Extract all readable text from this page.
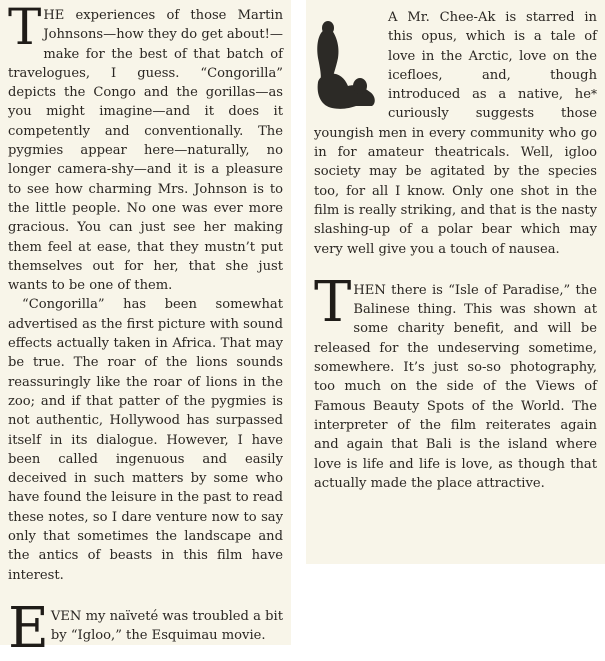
THE experiences of those Martin Johnsons—how they do get about!—make for the best of that batch of travelogues, I guess. “Congorilla” depicts the Congo and the gorillas—as you might imagine—and it does it competently and conventionally. The pygmies appear here—naturally, no longer camera-shy—and it is a pleasure to see how charming Mrs. Johnson is to the little people. No one was ever more gracious. You can just see her making them feel at ease, that they mustn’t put themselves out for her, that she just wants to be one of them.

“Congorilla” has been somewhat advertised as the first picture with sound effects actually taken in Africa. That may be true. The roar of the lions sounds reassuringly like the roar of lions in the zoo; and if that patter of the pygmies is not authentic, Hollywood has surpassed itself in its dialogue. However, I have been called ingenuous and easily deceived in such matters by some who have found the leisure in the past to read these notes, so I dare venture now to say only that sometimes the landscape and the antics of beasts in this film have interest.

EVEN my naïveté was troubled a bit by “Igloo,” the Esquimau movie.

A Mr. Chee-Ak is starred in this opus, which is a tale of love in the Arctic, love on the icefloes, and, though introduced as a native, he* curiously suggests those youngish men in every community who go in for amateur theatricals. Well, igloo society may be agitated by the species too, for all I know. Only one shot in the film is really striking, and that is the nasty slashing-up of a polar bear which may very well give you a touch of nausea.

THEN there is “Isle of Paradise,” the Balinese thing. This was shown at some charity benefit, and will be released for the undeserving sometime, somewhere. It’s just so-so photography, too much on the side of the Views of Famous Beauty Spots of the World. The interpreter of the film reiterates again and again that Bali is the island where love is life and life is love, as though that actually made the place attractive.
